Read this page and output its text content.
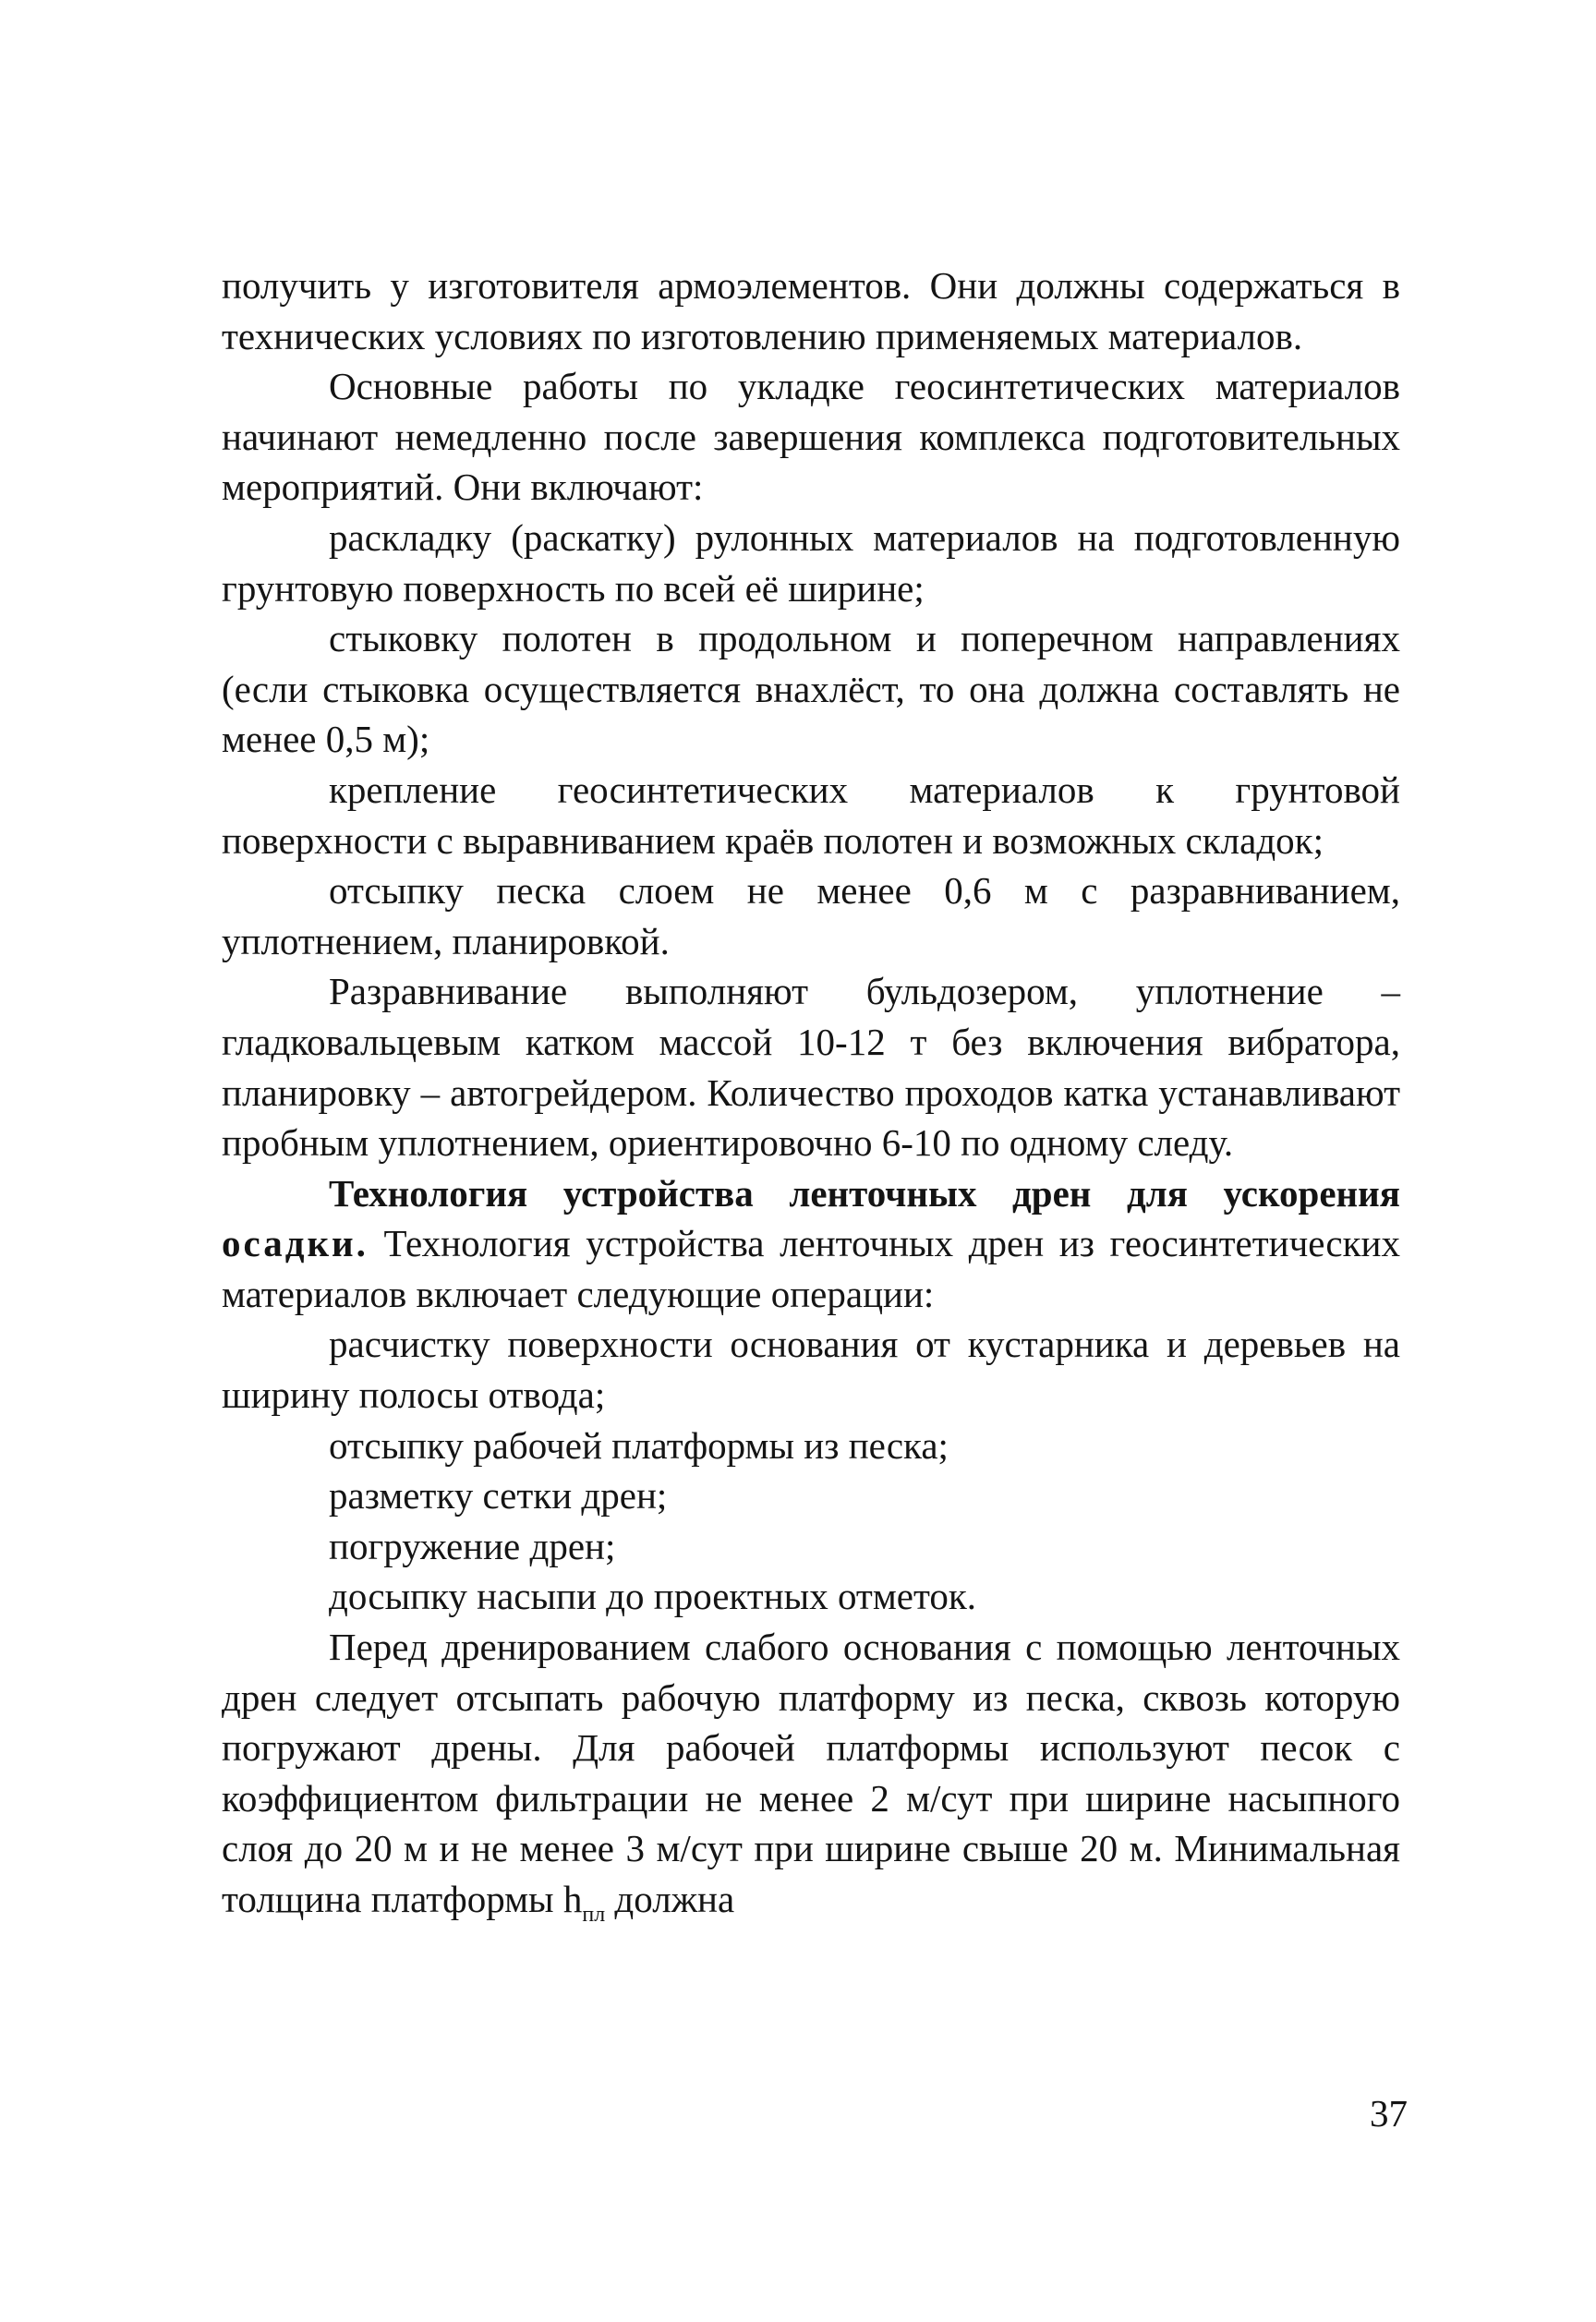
получить у изготовителя армоэлементов. Они должны содержаться в технических условиях по изготовлению применяемых материалов.

Основные работы по укладке геосинтетических материалов начинают немедленно после завершения комплекса подготовительных мероприятий. Они включают:

раскладку (раскатку) рулонных материалов на подготовленную грунтовую поверхность по всей её ширине;

стыковку полотен в продольном и поперечном направлениях (если стыковка осуществляется внахлёст, то она должна составлять не менее 0,5 м);

крепление геосинтетических материалов к грунтовой поверхности с выравниванием краёв полотен и возможных складок;

отсыпку песка слоем не менее 0,6 м с разравниванием, уплотнением, планировкой.

Разравнивание выполняют бульдозером, уплотнение – гладковальцевым катком массой 10-12 т без включения вибратора, планировку – автогрейдером. Количество проходов катка устанавливают пробным уплотнением, ориентировочно 6-10 по одному следу.

Технология устройства ленточных дрен для ускорения осадки. Технология устройства ленточных дрен из геосинтетических материалов включает следующие операции:

расчистку поверхности основания от кустарника и деревьев на ширину полосы отвода;

отсыпку рабочей платформы из песка;

разметку сетки дрен;

погружение дрен;

досыпку насыпи до проектных отметок.

Перед дренированием слабого основания с помощью ленточных дрен следует отсыпать рабочую платформу из песка, сквозь которую погружают дрены. Для рабочей платформы используют песок с коэффициентом фильтрации не менее 2 м/сут при ширине насыпного слоя до 20 м и не менее 3 м/сут при ширине свыше 20 м. Минимальная толщина платформы $h_{пл}$ должна

37
